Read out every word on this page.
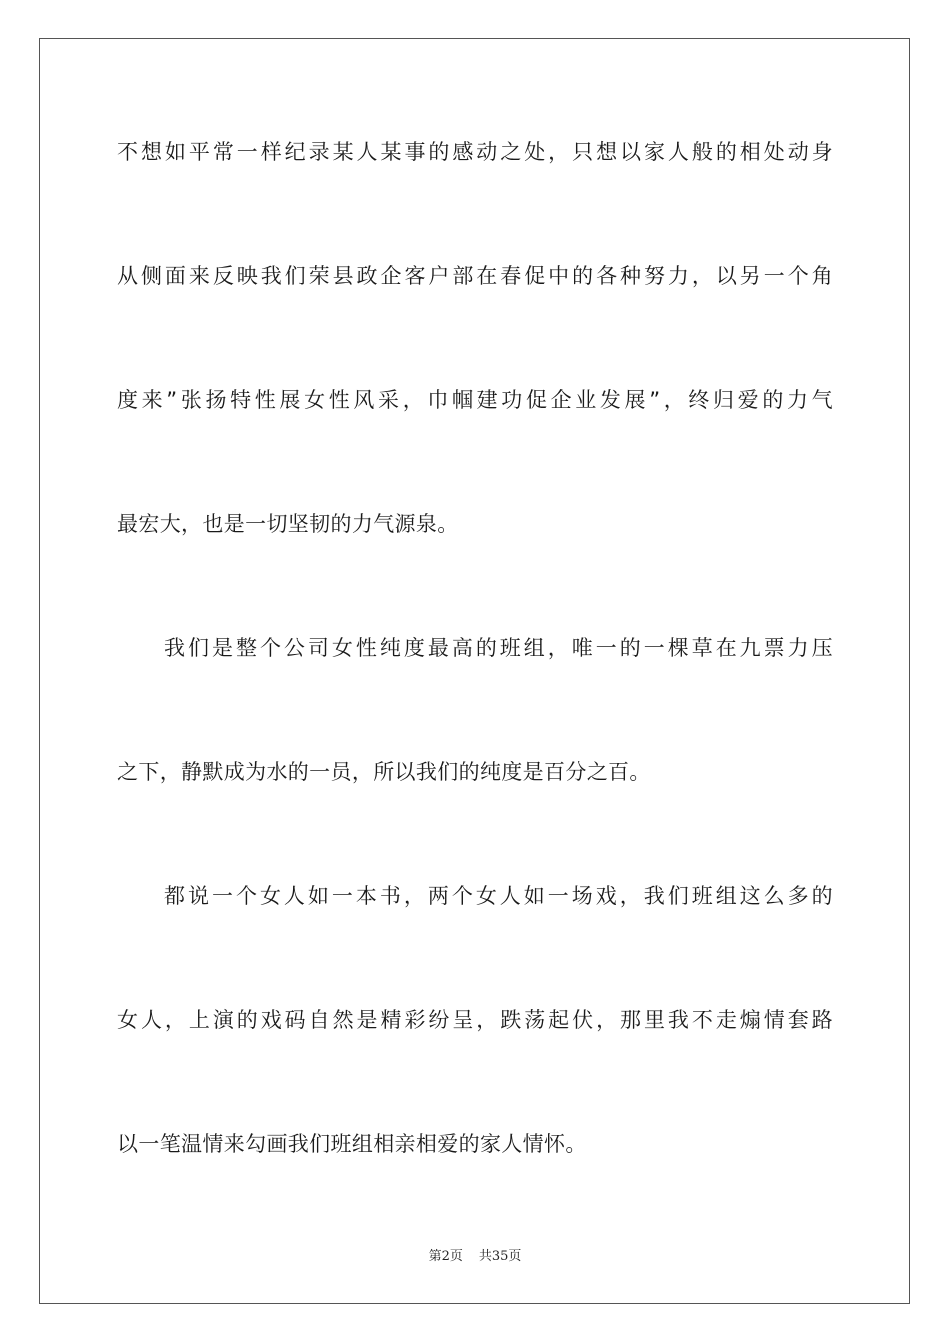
不想如平常一样纪录某人某事的感动之处，只想以家人般的相处动身
从侧面来反映我们荣县政企客户部在春促中的各种努力，以另一个角
度来”张扬特性展女性风采，巾帼建功促企业发展”，终归爱的力气
最宏大，也是一切坚韧的力气源泉。
我们是整个公司女性纯度最高的班组，唯一的一棵草在九票力压
之下，静默成为水的一员，所以我们的纯度是百分之百。
都说一个女人如一本书，两个女人如一场戏，我们班组这么多的
女人，上演的戏码自然是精彩纷呈，跌荡起伏，那里我不走煽情套路
以一笔温情来勾画我们班组相亲相爱的家人情怀。
第2页 共35页
